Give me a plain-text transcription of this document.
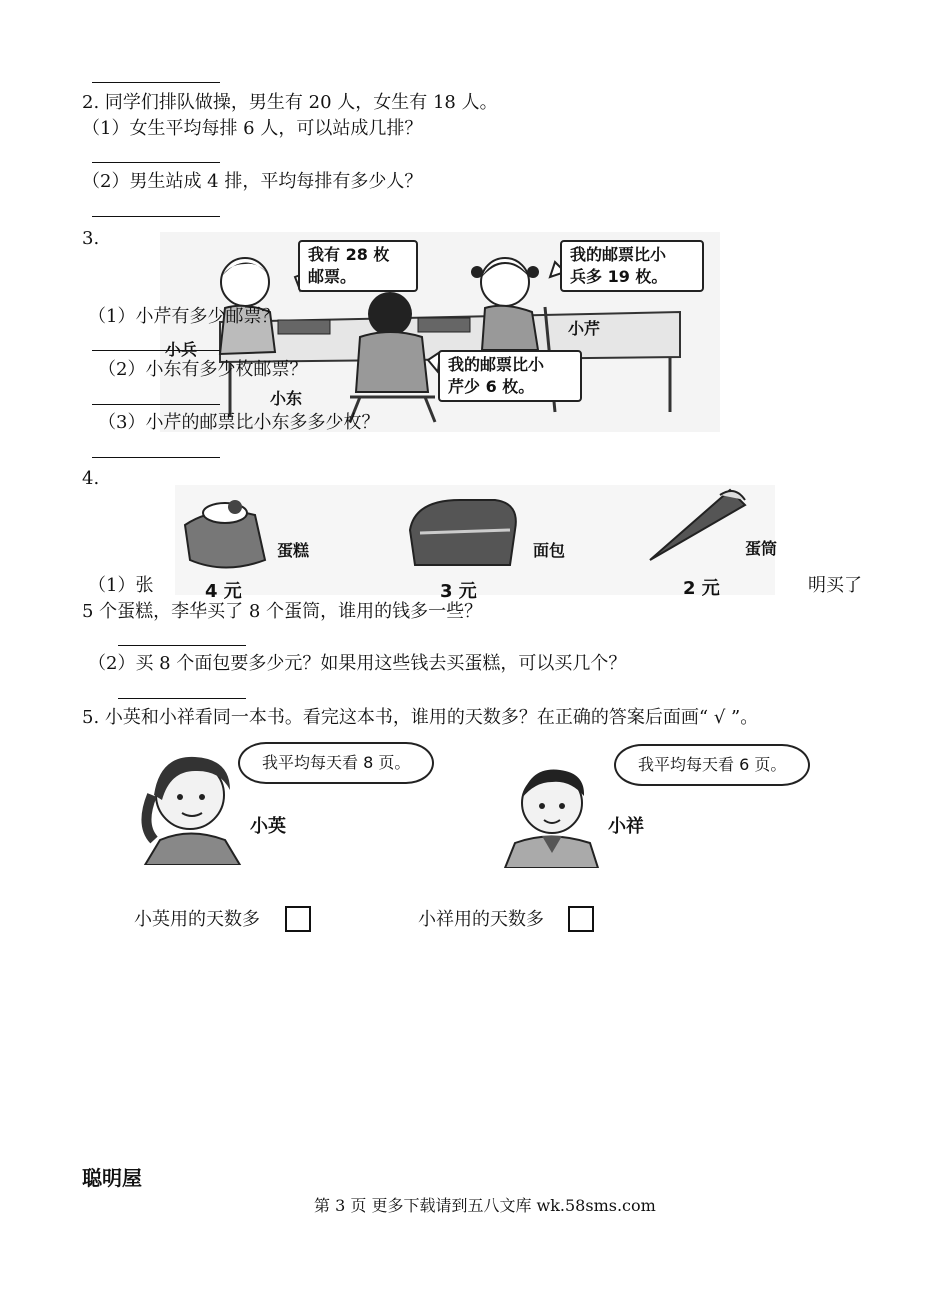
2. 同学们排队做操，男生有 20 人，女生有 18 人。
（1）女生平均每排 6 人，可以站成几排？
（2）男生站成 4 排，平均每排有多少人？
3.
我有 28 枚
邮票。
我的邮票比小
兵多 19 枚。
我的邮票比小
芹少 6 枚。
小兵
小东
小芹
（1）小芹有多少邮票？
（2）小东有多少枚邮票？
（3）小芹的邮票比小东多多少枚？
4.
蛋糕	面包	蛋筒
4 元	3 元	2 元
（1）张	明买了
5 个蛋糕，李华买了 8 个蛋筒，谁用的钱多一些？
（2）买 8 个面包要多少元？如果用这些钱去买蛋糕，可以买几个？
5. 小英和小祥看同一本书。看完这本书，谁用的天数多？在正确的答案后面画“ √ ”。
我平均每天看 8 页。
小英
我平均每天看 6 页。
小祥
小英用的天数多	小祥用的天数多
聪明屋
第 3 页 更多下载请到五八文库 wk.58sms.com
